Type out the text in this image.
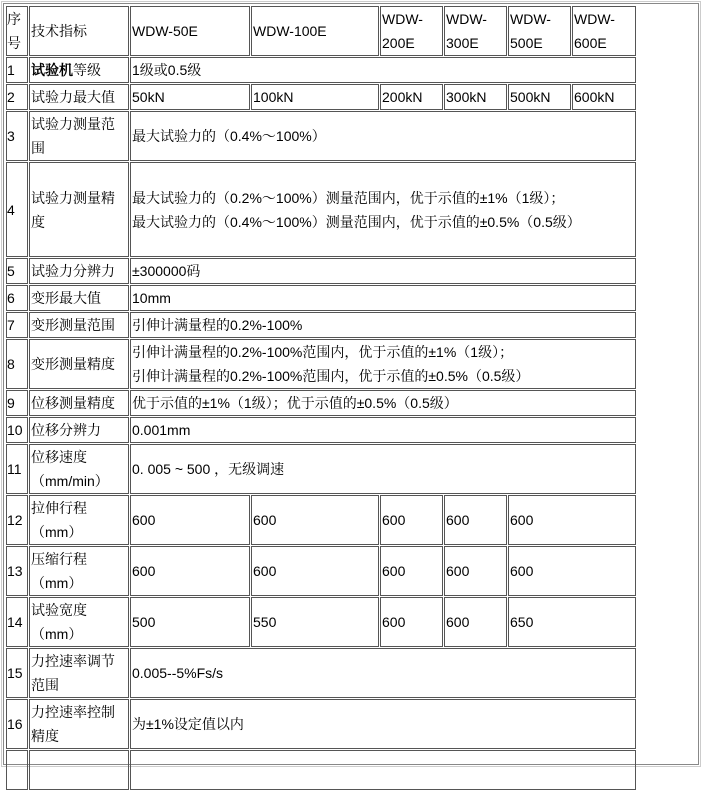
序号	技术指标	WDW-50E	WDW-100E	WDW-200E	WDW-300E	WDW-500E	WDW-600E
1	试验机等级	1级或0.5级					

2	试验力最大值	50kN	100kN	200kN	300kN	500kN	600kN

3	试验力测量范围	最大试验力的（0.4%～100%）					

4	试验力测量精度	最大试验力的（0.2%～100%）测量范围内，优于示值的±1%（1级）；
最大试验力的（0.4%～100%）测量范围内，优于示值的±0.5%（0.5级）					

5	试验力分辨力	±300000码					

6	变形最大值	10mm					

7	变形测量范围	引伸计满量程的0.2%-100%					

8	变形测量精度	引伸计满量程的0.2%-100%范围内，优于示值的±1%（1级）；
引伸计满量程的0.2%-100%范围内，优于示值的±0.5%（0.5级）					

9	位移测量精度	优于示值的±1%（1级）；优于示值的±0.5%（0.5级）					

10	位移分辨力	0.001mm					

11	位移速度（mm/min）	0. 005 ~ 500 ，无级调速					

12	拉伸行程（mm）	600	600	600	600	600	

13	压缩行程（mm）	600	600	600	600	600	

14	试验宽度（mm）	500	550	600	600	650	

15	力控速率调节范围	0.005--5%Fs/s					

16	力控速率控制精度	为±1%设定值以内					
